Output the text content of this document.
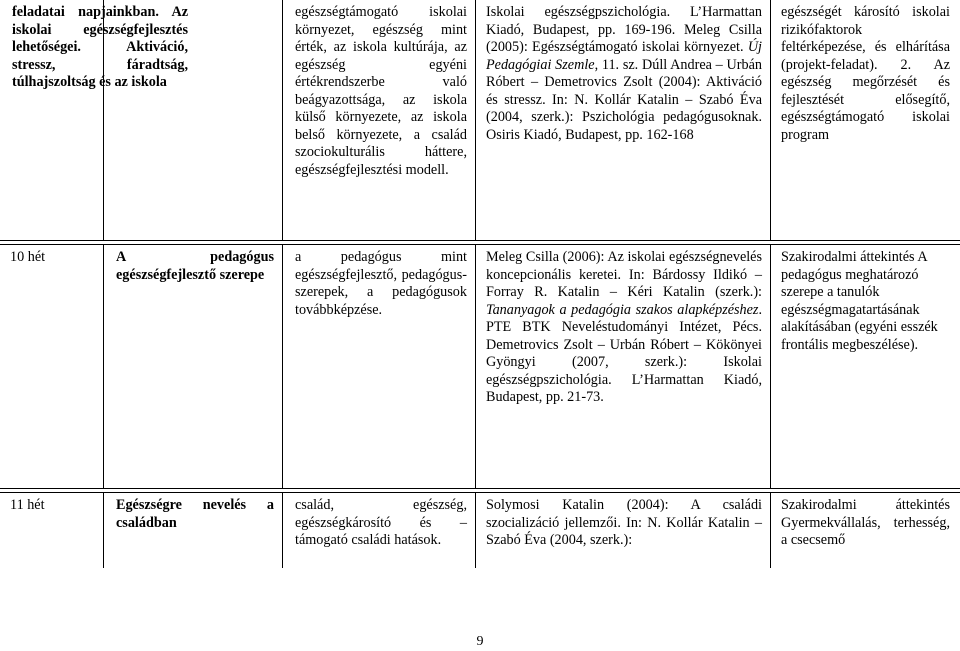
feladatai napjainkban. Az iskolai egészségfejlesztés lehetőségei. Aktiváció, stressz, fáradtság, túlhajszoltság és az iskola
egészségtámogató iskolai környezet, egészség mint érték, az iskola kultúrája, az egészség egyéni értékrendszerbe való beágyazottsága, az iskola külső környezete, az iskola belső környezete, a család szociokulturális háttere, egészségfejlesztési modell.
Iskolai egészségpszichológia. L’Harmattan Kiadó, Budapest, pp. 169-196. Meleg Csilla (2005): Egészségtámogató iskolai környezet. Új Pedagógiai Szemle, 11. sz. Dúll Andrea – Urbán Róbert – Demetrovics Zsolt (2004): Aktiváció és stressz. In: N. Kollár Katalin – Szabó Éva (2004, szerk.): Pszichológia pedagógusoknak. Osiris Kiadó, Budapest, pp. 162-168
egészségét károsító iskolai rizikófaktorok feltérképezése, és elhárítása (projekt-feladat). 2. Az egészség megőrzését és fejlesztését elősegítő, egészségtámogató iskolai program
10 hét	A pedagógus egészségfejlesztő szerepe
a pedagógus mint egészségfejlesztő, pedagógus-szerepek, a pedagógusok továbbképzése.
Meleg Csilla (2006): Az iskolai egészségnevelés koncepcionális keretei. In: Bárdossy Ildikó – Forray R. Katalin – Kéri Katalin (szerk.): Tananyagok a pedagógia szakos alapképzéshez. PTE BTK Neveléstudományi Intézet, Pécs. Demetrovics Zsolt – Urbán Róbert – Kökönyei Gyöngyi (2007, szerk.): Iskolai egészségpszichológia. L’Harmattan Kiadó, Budapest, pp. 21-73.
Szakirodalmi áttekintés A pedagógus meghatározó szerepe a tanulók egészségmagatartásának alakításában (egyéni esszék frontális megbeszélése).
11 hét	Egészségre nevelés a családban
család, egészség, egészségkárosító és – támogató családi hatások.
Solymosi Katalin (2004): A családi szocializáció jellemzői. In: N. Kollár Katalin – Szabó Éva (2004, szerk.):
Szakirodalmi áttekintés Gyermekvállalás, terhesség, a csecsemő
9
